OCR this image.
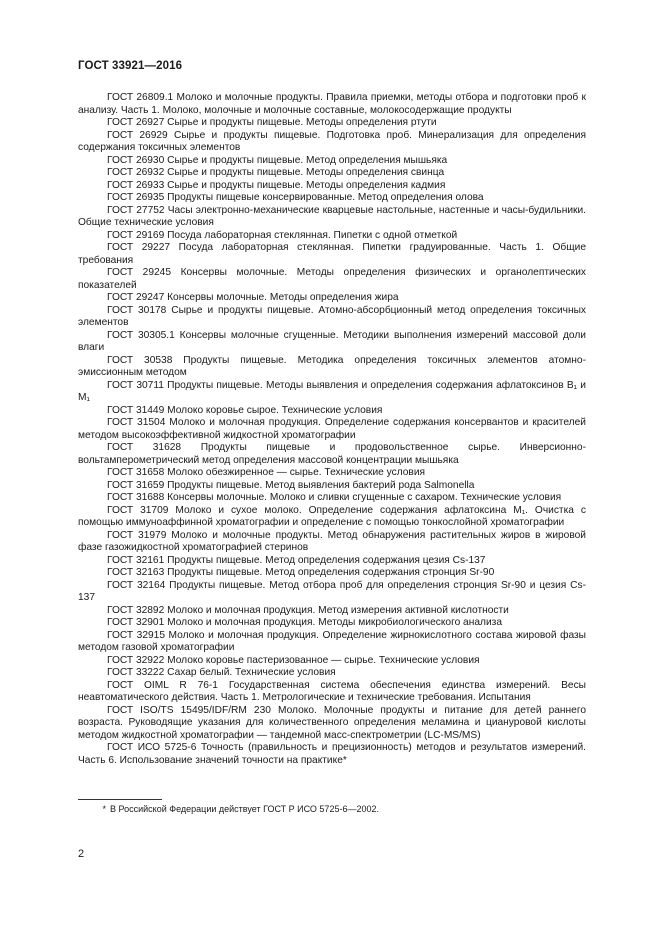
ГОСТ 33921—2016

ГОСТ 26809.1 Молоко и молочные продукты. Правила приемки, методы отбора и подготовки проб к анализу. Часть 1. Молоко, молочные и молочные составные, молокосодержащие продукты

ГОСТ 26927 Сырье и продукты пищевые. Методы определения ртути

ГОСТ 26929 Сырье и продукты пищевые. Подготовка проб. Минерализация для определения содержания токсичных элементов

ГОСТ 26930 Сырье и продукты пищевые. Метод определения мышьяка

ГОСТ 26932 Сырье и продукты пищевые. Методы определения свинца

ГОСТ 26933 Сырье и продукты пищевые. Методы определения кадмия

ГОСТ 26935 Продукты пищевые консервированные. Метод определения олова

ГОСТ 27752 Часы электронно-механические кварцевые настольные, настенные и часы-будильники. Общие технические условия

ГОСТ 29169 Посуда лабораторная стеклянная. Пипетки с одной отметкой

ГОСТ 29227 Посуда лабораторная стеклянная. Пипетки градуированные. Часть 1. Общие требования

ГОСТ 29245 Консервы молочные. Методы определения физических и органолептических показателей

ГОСТ 29247 Консервы молочные. Методы определения жира

ГОСТ 30178 Сырье и продукты пищевые. Атомно-абсорбционный метод определения токсичных элементов

ГОСТ 30305.1 Консервы молочные сгущенные. Методики выполнения измерений массовой доли влаги

ГОСТ 30538 Продукты пищевые. Методика определения токсичных элементов атомно-эмиссионным методом

ГОСТ 30711 Продукты пищевые. Методы выявления и определения содержания афлатоксинов B₁ и M₁

ГОСТ 31449 Молоко коровье сырое. Технические условия

ГОСТ 31504 Молоко и молочная продукция. Определение содержания консервантов и красителей методом высокоэффективной жидкостной хроматографии

ГОСТ 31628 Продукты пищевые и продовольственное сырье. Инверсионно-вольтамперометрический метод определения массовой концентрации мышьяка

ГОСТ 31658 Молоко обезжиренное — сырье. Технические условия

ГОСТ 31659 Продукты пищевые. Метод выявления бактерий рода Salmonella

ГОСТ 31688 Консервы молочные. Молоко и сливки сгущенные с сахаром. Технические условия

ГОСТ 31709 Молоко и сухое молоко. Определение содержания афлатоксина M₁. Очистка с помощью иммуноаффинной хроматографии и определение с помощью тонкослойной хроматографии

ГОСТ 31979 Молоко и молочные продукты. Метод обнаружения растительных жиров в жировой фазе газожидкостной хроматографией стеринов

ГОСТ 32161 Продукты пищевые. Метод определения содержания цезия Cs-137

ГОСТ 32163 Продукты пищевые. Метод определения содержания стронция Sr-90

ГОСТ 32164 Продукты пищевые. Метод отбора проб для определения стронция Sr-90 и цезия Cs-137

ГОСТ 32892 Молоко и молочная продукция. Метод измерения активной кислотности

ГОСТ 32901 Молоко и молочная продукция. Методы микробиологического анализа

ГОСТ 32915 Молоко и молочная продукция. Определение жирнокислотного состава жировой фазы методом газовой хроматографии

ГОСТ 32922 Молоко коровье пастеризованное — сырье. Технические условия

ГОСТ 33222 Сахар белый. Технические условия

ГОСТ OIML R 76-1 Государственная система обеспечения единства измерений. Весы неавтоматического действия. Часть 1. Метрологические и технические требования. Испытания

ГОСТ ISO/TS 15495/IDF/RM 230 Молоко. Молочные продукты и питание для детей раннего возраста. Руководящие указания для количественного определения меламина и циануровой кислоты методом жидкостной хроматографии — тандемной масс-спектрометрии (LC-MS/MS)

ГОСТ ИСО 5725-6 Точность (правильность и прецизионность) методов и результатов измерений. Часть 6. Использование значений точности на практике*

* В Российской Федерации действует ГОСТ Р ИСО 5725-6—2002.
2
